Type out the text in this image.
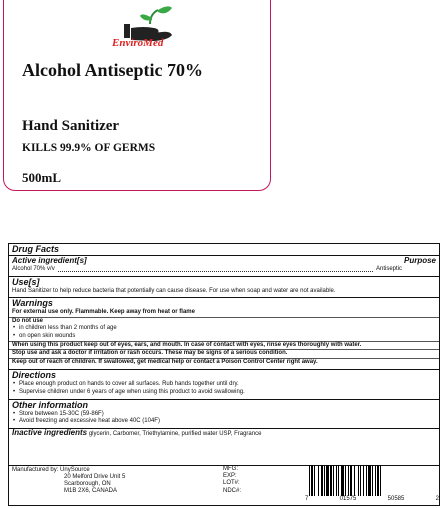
EnviroMed
Alcohol Antiseptic 70%
Hand Sanitizer
KILLS 99.9% OF GERMS
500mL
Drug Facts
Active ingredient[s]	Purpose
Alcohol 70% v/v	Antiseptic
Use[s]
Hand Sanitizer to help reduce bacteria that potentially can cause disease. For use when soap and water are not available.
Warnings
For external use only. Flammable. Keep away from heat or flame
Do not use
• in children less than 2 months of age
• on open skin wounds
When using this product keep out of eyes, ears, and mouth. In case of contact with eyes, rinse eyes thoroughly with water.
Stop use and ask a doctor if irritation or rash occurs. These may be signs of a serious condition.
Keep out of reach of children. If swallowed, get medical help or contact a Poison Control Center right away.
Directions
• Place enough product on hands to cover all surfaces. Rub hands together until dry.
• Supervise children under 6 years of age when using this product to avoid swallowing.
Other information
• Store between 15-30C (59-86F)
• Avoid freezing and excessive heat above 40C (104F)
Inactive ingredients glycerin, Carbomer, Triethylamine, purified water USP, Fragrance
Manufactured by: UnySource
20 Melford Drive Unit 5
Scarborough, ON
M1B 2X6, CANADA
MFG:
EXP:
LOT#:
NDC#:
7	01575	50585	2
